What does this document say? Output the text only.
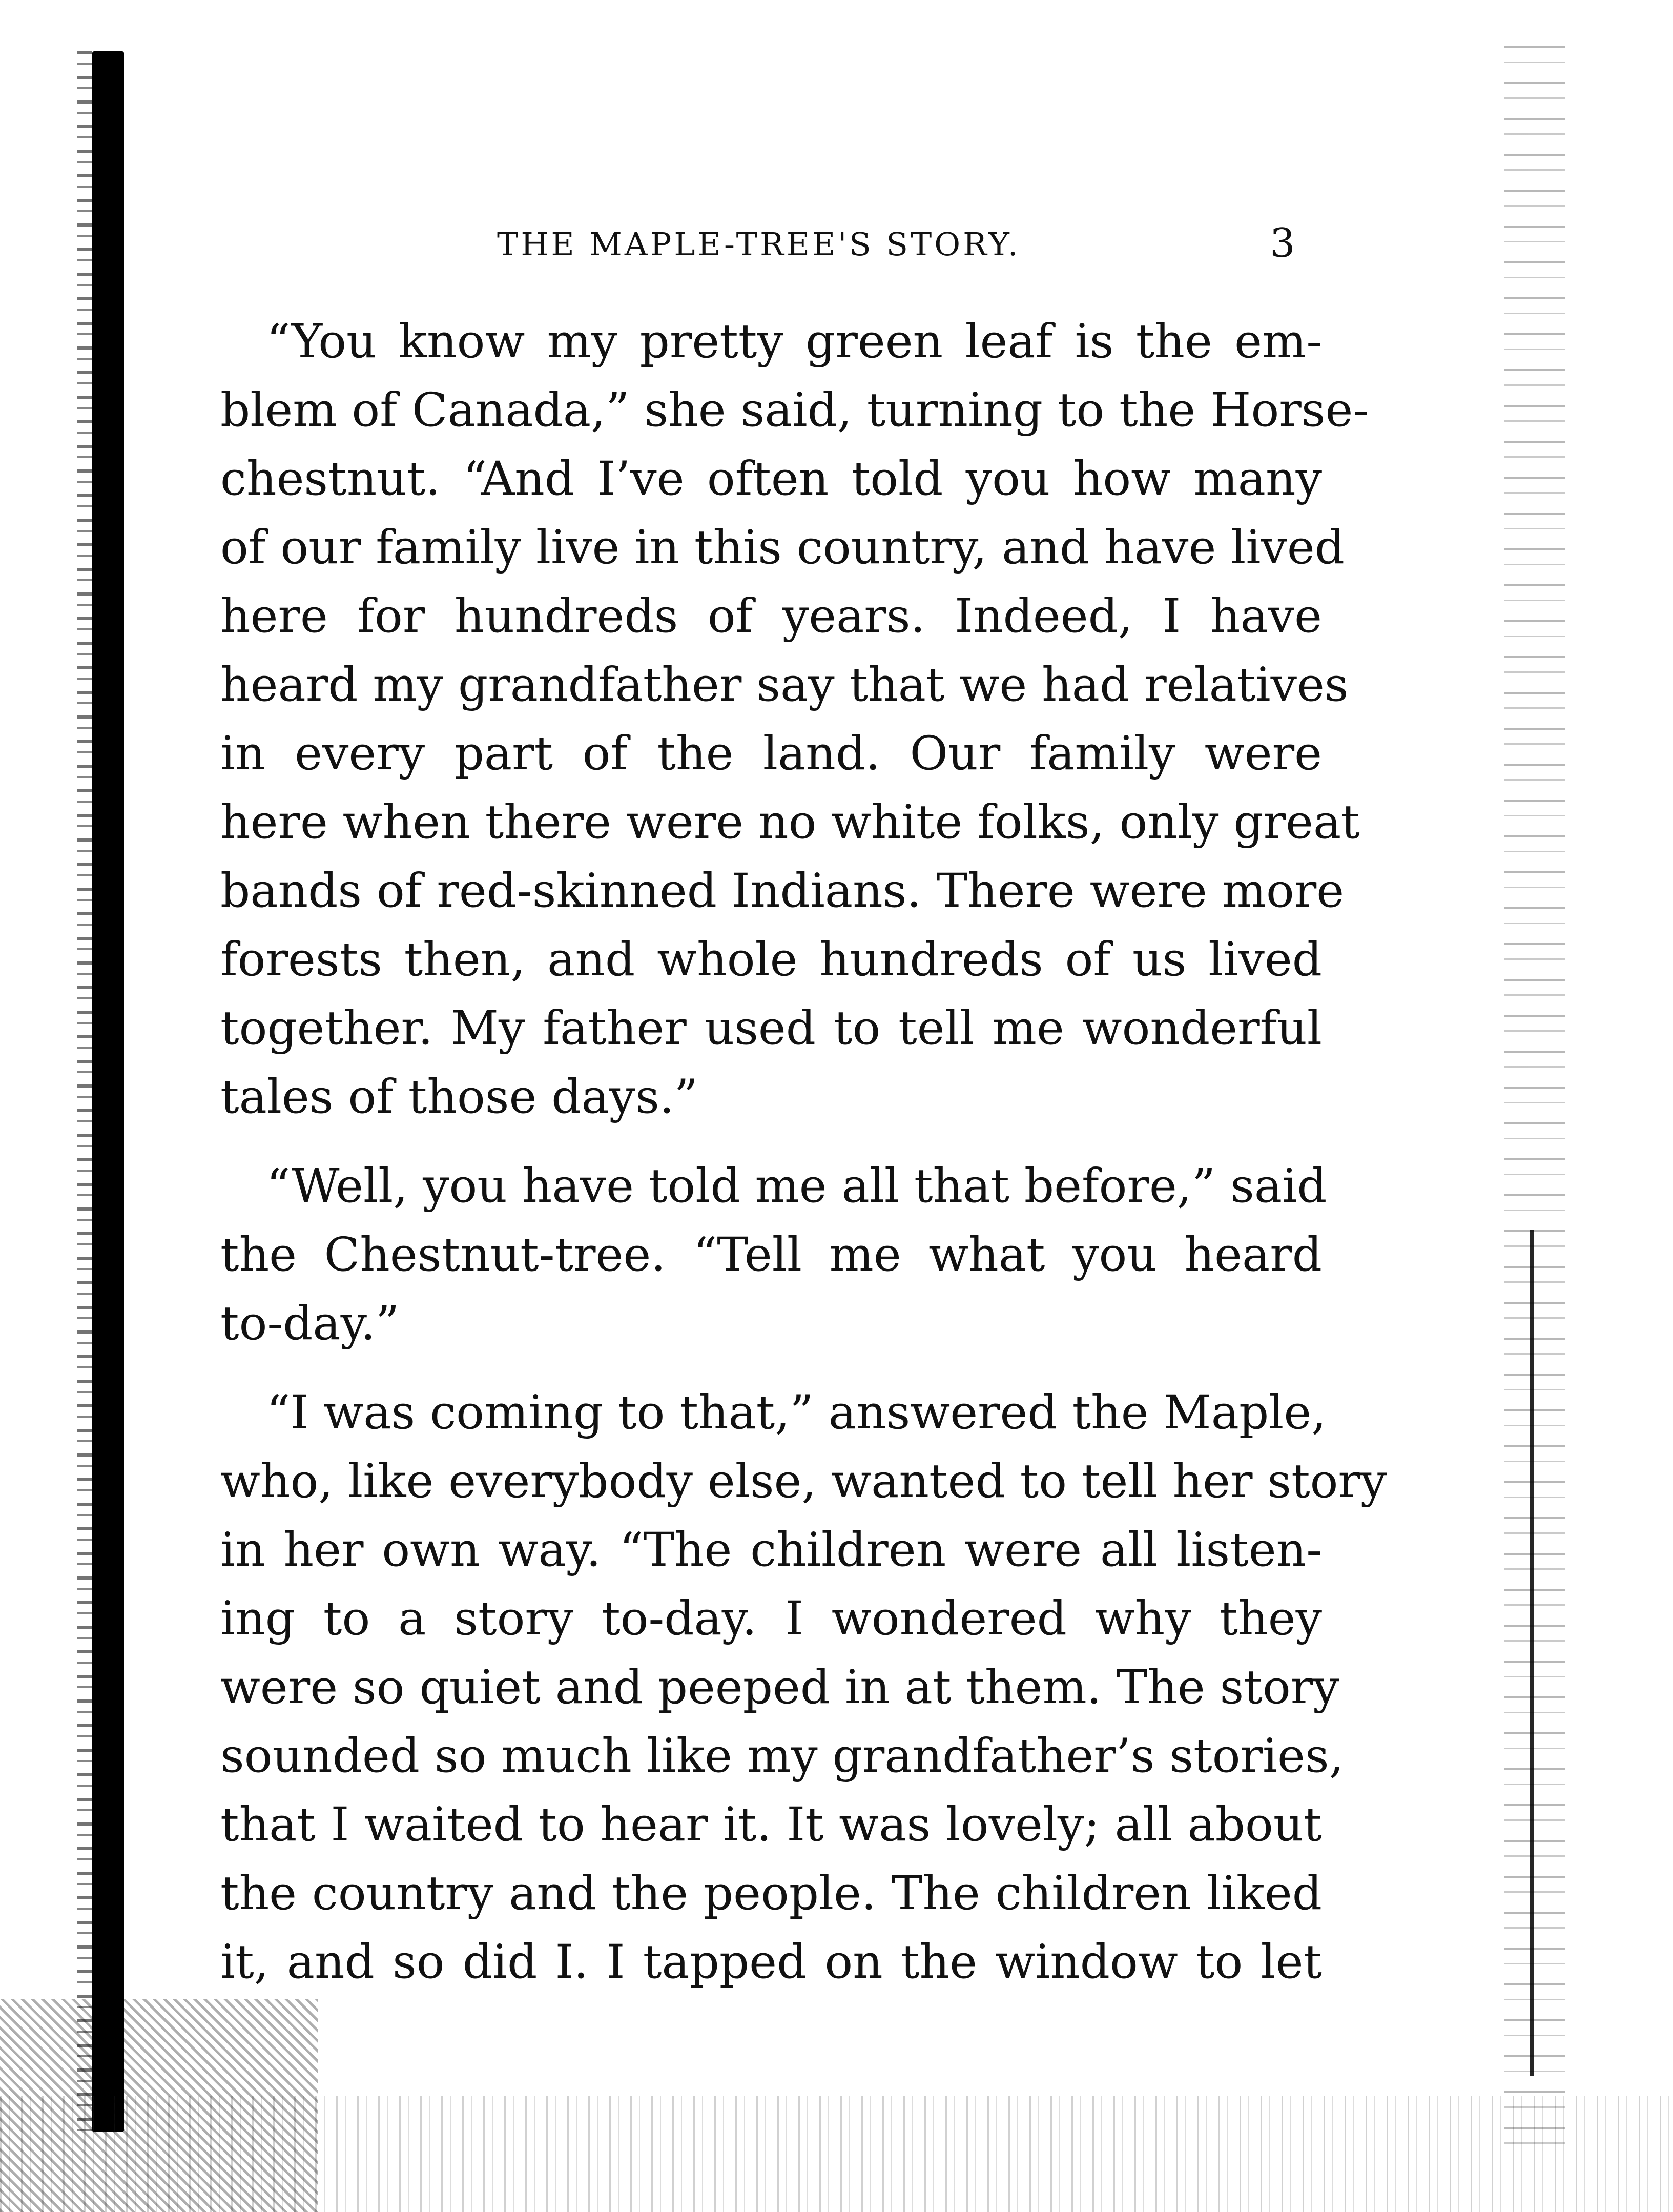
THE MAPLE-TREE'S STORY.	3
“You know my pretty green leaf is the em-
blem of Canada,” she said, turning to the Horse-
chestnut. “And I’ve often told you how many
of our family live in this country, and have lived
here for hundreds of years. Indeed, I have
heard my grandfather say that we had relatives
in every part of the land. Our family were
here when there were no white folks, only great
bands of red-skinned Indians. There were more
forests then, and whole hundreds of us lived
together. My father used to tell me wonderful
tales of those days.”
“Well, you have told me all that before,” said
the Chestnut-tree. “Tell me what you heard
to-day.”
“I was coming to that,” answered the Maple,
who, like everybody else, wanted to tell her story
in her own way. “The children were all listen-
ing to a story to-day. I wondered why they
were so quiet and peeped in at them. The story
sounded so much like my grandfather’s stories,
that I waited to hear it. It was lovely; all about
the country and the people. The children liked
it, and so did I. I tapped on the window to let
